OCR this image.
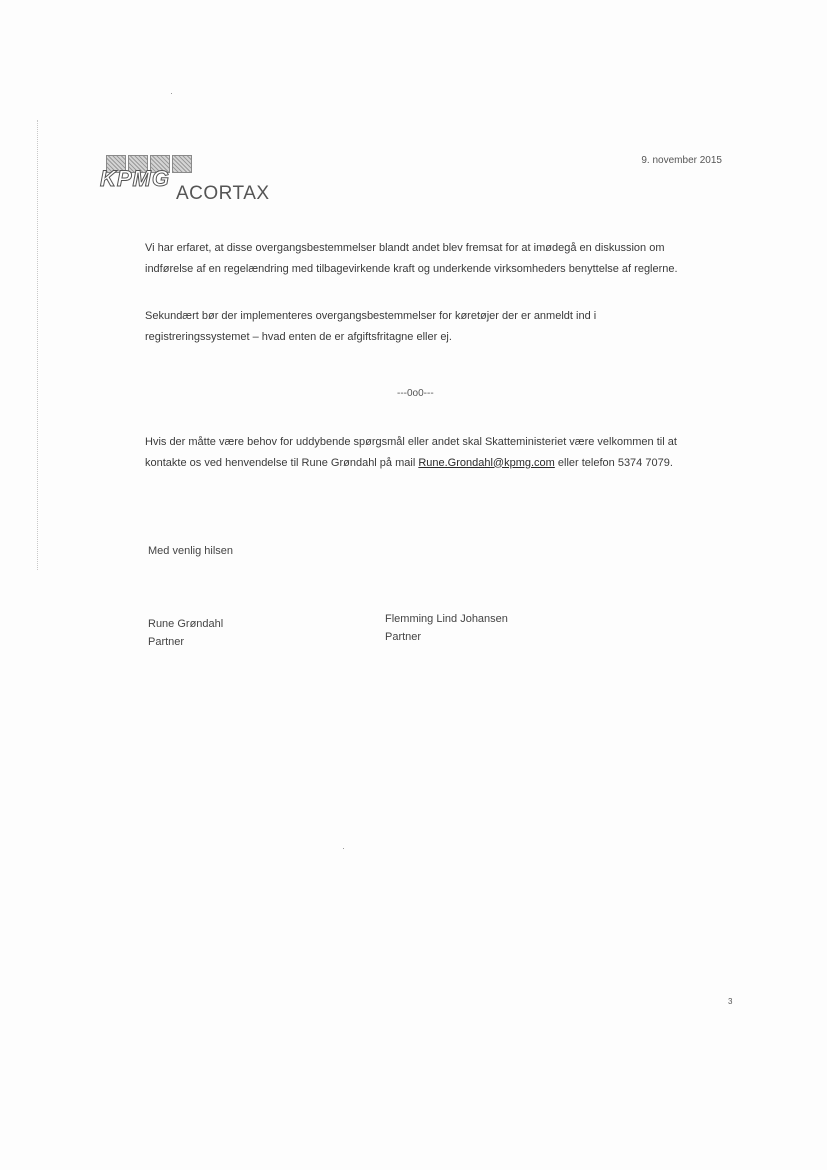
KPMG
ACORTAX
9. november 2015
Vi har erfaret, at disse overgangsbestemmelser blandt andet blev fremsat for at imødegå en diskussion om indførelse af en regelændring med tilbagevirkende kraft og underkende virksomheders benyttelse af reglerne.
Sekundært bør der implementeres overgangsbestemmelser for køretøjer der er anmeldt ind i registreringssystemet – hvad enten de er afgiftsfritagne eller ej.
---0o0---
Hvis der måtte være behov for uddybende spørgsmål eller andet skal Skatteministeriet være velkommen til at kontakte os ved henvendelse til Rune Grøndahl på mail Rune.Grondahl@kpmg.com eller telefon 5374 7079.
Med venlig hilsen
Rune Grøndahl
Partner
Flemming Lind Johansen
Partner
3
